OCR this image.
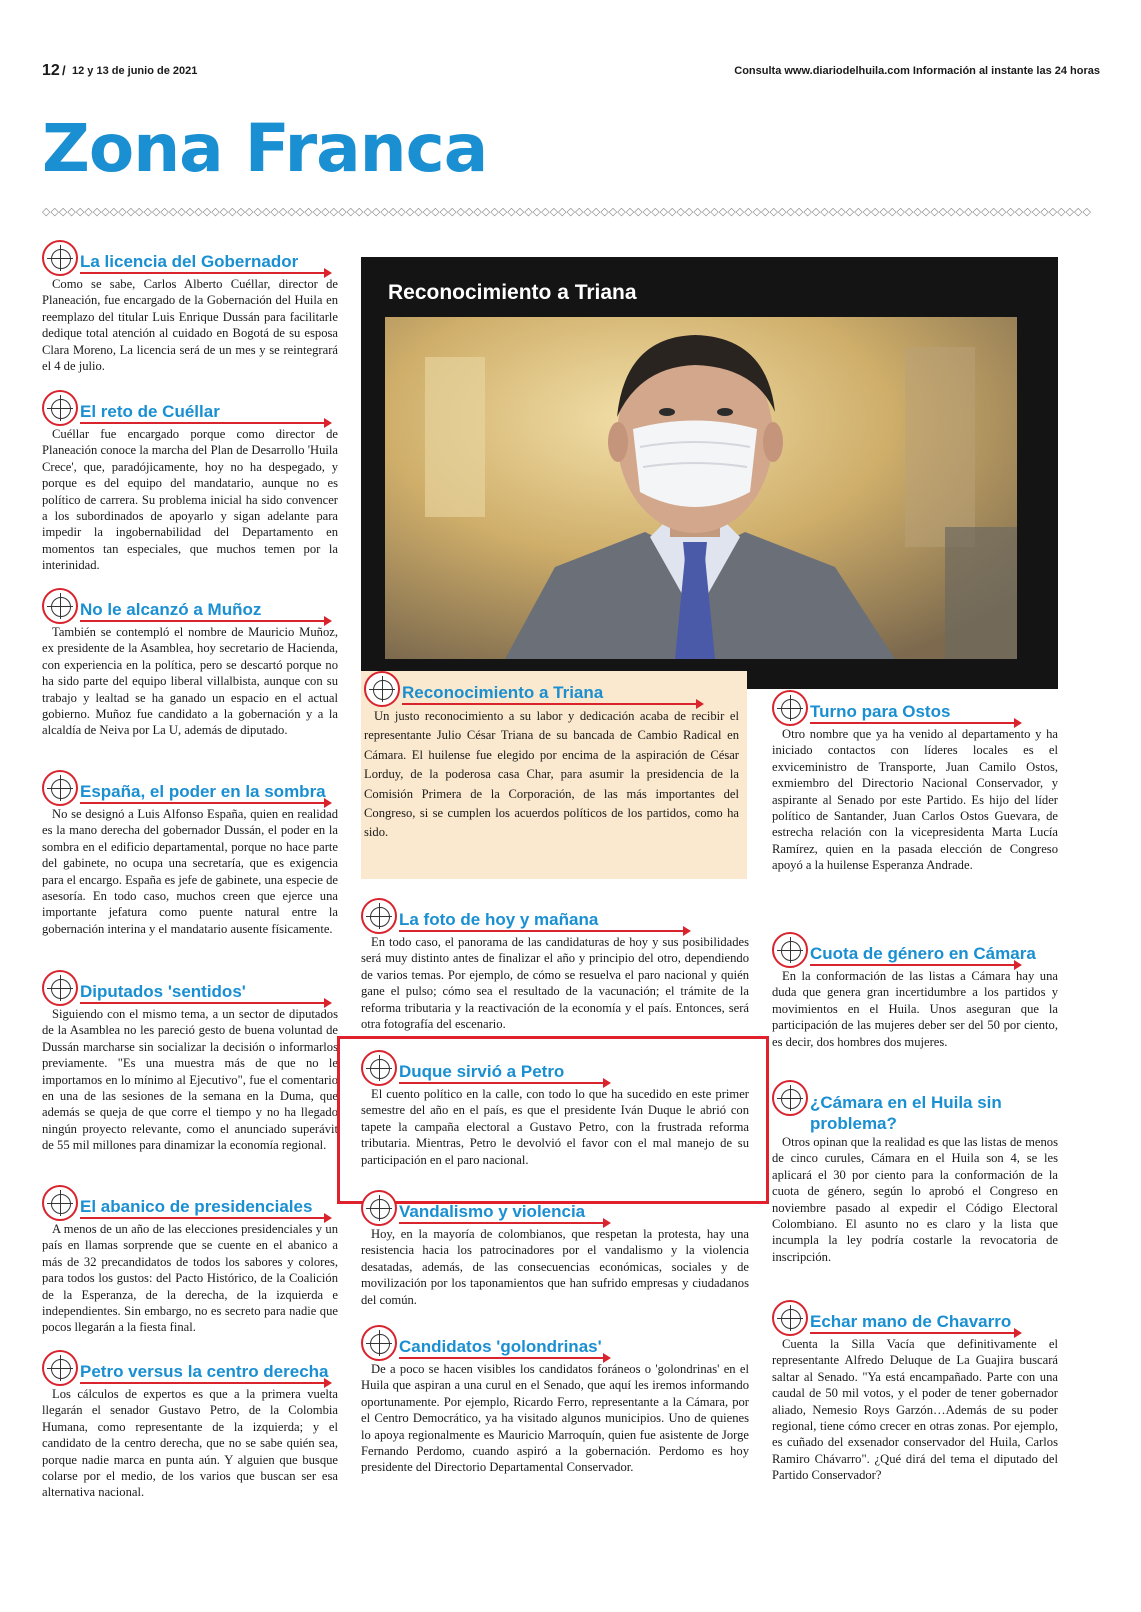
12 / 12 y 13 de junio de 2021	Consulta www.diariodelhuila.com Información al instante las 24 horas
Zona Franca
◇◇◇◇◇◇◇◇◇◇◇◇◇◇◇◇◇◇◇◇◇◇◇◇◇◇◇◇◇◇◇◇◇◇◇◇◇◇◇◇◇◇◇◇◇◇◇◇◇◇◇◇◇◇◇◇◇◇◇◇◇◇◇◇◇◇◇◇◇◇◇◇◇◇◇◇◇◇◇◇◇◇◇◇◇◇◇◇◇◇◇◇◇◇◇◇◇◇◇◇◇◇◇◇◇◇◇◇◇◇◇◇◇◇◇◇◇◇◇◇◇◇◇◇
La licencia del Gobernador

Como se sabe, Carlos Alberto Cuéllar, director de Planeación, fue encargado de la Gobernación del Huila en reemplazo del titular Luis Enrique Dussán para facilitarle dedique total atención al cuidado en Bogotá de su esposa Clara Moreno, La licencia será de un mes y se reintegrará el 4 de julio.

El reto de Cuéllar

Cuéllar fue encargado porque como director de Planeación conoce la marcha del Plan de Desarrollo 'Huila Crece', que, paradójicamente, hoy no ha despegado, y porque es del equipo del mandatario, aunque no es político de carrera. Su problema inicial ha sido convencer a los subordinados de apoyarlo y sigan adelante para impedir la ingobernabilidad del Departamento en momentos tan especiales, que muchos temen por la interinidad.

No le alcanzó a Muñoz

También se contempló el nombre de Mauricio Muñoz, ex presidente de la Asamblea, hoy secretario de Hacienda, con experiencia en la política, pero se descartó porque no ha sido parte del equipo liberal villalbista, aunque con su trabajo y lealtad se ha ganado un espacio en el actual gobierno. Muñoz fue candidato a la gobernación y a la alcaldía de Neiva por La U, además de diputado.

España, el poder en la sombra

No se designó a Luis Alfonso España, quien en realidad es la mano derecha del gobernador Dussán, el poder en la sombra en el edificio departamental, porque no hace parte del gabinete, no ocupa una secretaría, que es exigencia para el encargo. España es jefe de gabinete, una especie de asesoría. En todo caso, muchos creen que ejerce una importante jefatura como puente natural entre la gobernación interina y el mandatario ausente físicamente.

Diputados 'sentidos'

Siguiendo con el mismo tema, a un sector de diputados de la Asamblea no les pareció gesto de buena voluntad de Dussán marcharse sin socializar la decisión o informarlos previamente. "Es una muestra más de que no le importamos en lo mínimo al Ejecutivo", fue el comentario en una de las sesiones de la semana en la Duma, que además se queja de que corre el tiempo y no ha llegado ningún proyecto relevante, como el anunciado superávit de 55 mil millones para dinamizar la economía regional.

El abanico de presidenciales

A menos de un año de las elecciones presidenciales y un país en llamas sorprende que se cuente en el abanico a más de 32 precandidatos de todos los sabores y colores, para todos los gustos: del Pacto Histórico, de la Coalición de la Esperanza, de la derecha, de la izquierda e independientes. Sin embargo, no es secreto para nadie que pocos llegarán a la fiesta final.

Petro versus la centro derecha

Los cálculos de expertos es que a la primera vuelta llegarán el senador Gustavo Petro, de la Colombia Humana, como representante de la izquierda; y el candidato de la centro derecha, que no se sabe quién sea, porque nadie marca en punta aún. Y alguien que busque colarse por el medio, de los varios que buscan ser esa alternativa nacional.

Reconocimiento a Triana
Reconocimiento a Triana

Un justo reconocimiento a su labor y dedicación acaba de recibir el representante Julio César Triana de su bancada de Cambio Radical en Cámara. El huilense fue elegido por encima de la aspiración de César Lorduy, de la poderosa casa Char, para asumir la presidencia de la Comisión Primera de la Corporación, de las más importantes del Congreso, si se cumplen los acuerdos políticos de los partidos, como ha sido.

La foto de hoy y mañana

En todo caso, el panorama de las candidaturas de hoy y sus posibilidades será muy distinto antes de finalizar el año y principio del otro, dependiendo de varios temas. Por ejemplo, de cómo se resuelva el paro nacional y quién gane el pulso; cómo sea el resultado de la vacunación; el trámite de la reforma tributaria y la reactivación de la economía y el país. Entonces, será otra fotografía del escenario.

Duque sirvió a Petro

El cuento político en la calle, con todo lo que ha sucedido en este primer semestre del año en el país, es que el presidente Iván Duque le abrió con tapete la campaña electoral a Gustavo Petro, con la frustrada reforma tributaria. Mientras, Petro le devolvió el favor con el mal manejo de su participación en el paro nacional.

Vandalismo y violencia

Hoy, en la mayoría de colombianos, que respetan la protesta, hay una resistencia hacia los patrocinadores por el vandalismo y la violencia desatadas, además, de las consecuencias económicas, sociales y de movilización por los taponamientos que han sufrido empresas y ciudadanos del común.

Candidatos 'golondrinas'

De a poco se hacen visibles los candidatos foráneos o 'golondrinas' en el Huila que aspiran a una curul en el Senado, que aquí les iremos informando oportunamente. Por ejemplo, Ricardo Ferro, representante a la Cámara, por el Centro Democrático, ya ha visitado algunos municipios. Uno de quienes lo apoya regionalmente es Mauricio Marroquín, quien fue asistente de Jorge Fernando Perdomo, cuando aspiró a la gobernación. Perdomo es hoy presidente del Directorio Departamental Conservador.

Turno para Ostos

Otro nombre que ya ha venido al departamento y ha iniciado contactos con líderes locales es el exviceministro de Transporte, Juan Camilo Ostos, exmiembro del Directorio Nacional Conservador, y aspirante al Senado por este Partido. Es hijo del líder político de Santander, Juan Carlos Ostos Guevara, de estrecha relación con la vicepresidenta Marta Lucía Ramírez, quien en la pasada elección de Congreso apoyó a la huilense Esperanza Andrade.

Cuota de género en Cámara

En la conformación de las listas a Cámara hay una duda que genera gran incertidumbre a los partidos y movimientos en el Huila. Unos aseguran que la participación de las mujeres deber ser del 50 por ciento, es decir, dos hombres dos mujeres.

¿Cámara en el Huila sin problema?

Otros opinan que la realidad es que las listas de menos de cinco curules, Cámara en el Huila son 4, se les aplicará el 30 por ciento para la conformación de la cuota de género, según lo aprobó el Congreso en noviembre pasado al expedir el Código Electoral Colombiano. El asunto no es claro y la lista que incumpla la ley podría costarle la revocatoria de inscripción.

Echar mano de Chavarro

Cuenta la Silla Vacía que definitivamente el representante Alfredo Deluque de La Guajira buscará saltar al Senado. "Ya está encampañado. Parte con una caudal de 50 mil votos, y el poder de tener gobernador aliado, Nemesio Roys Garzón…Además de su poder regional, tiene cómo crecer en otras zonas. Por ejemplo, es cuñado del exsenador conservador del Huila, Carlos Ramiro Chávarro". ¿Qué dirá del tema el diputado del Partido Conservador?
